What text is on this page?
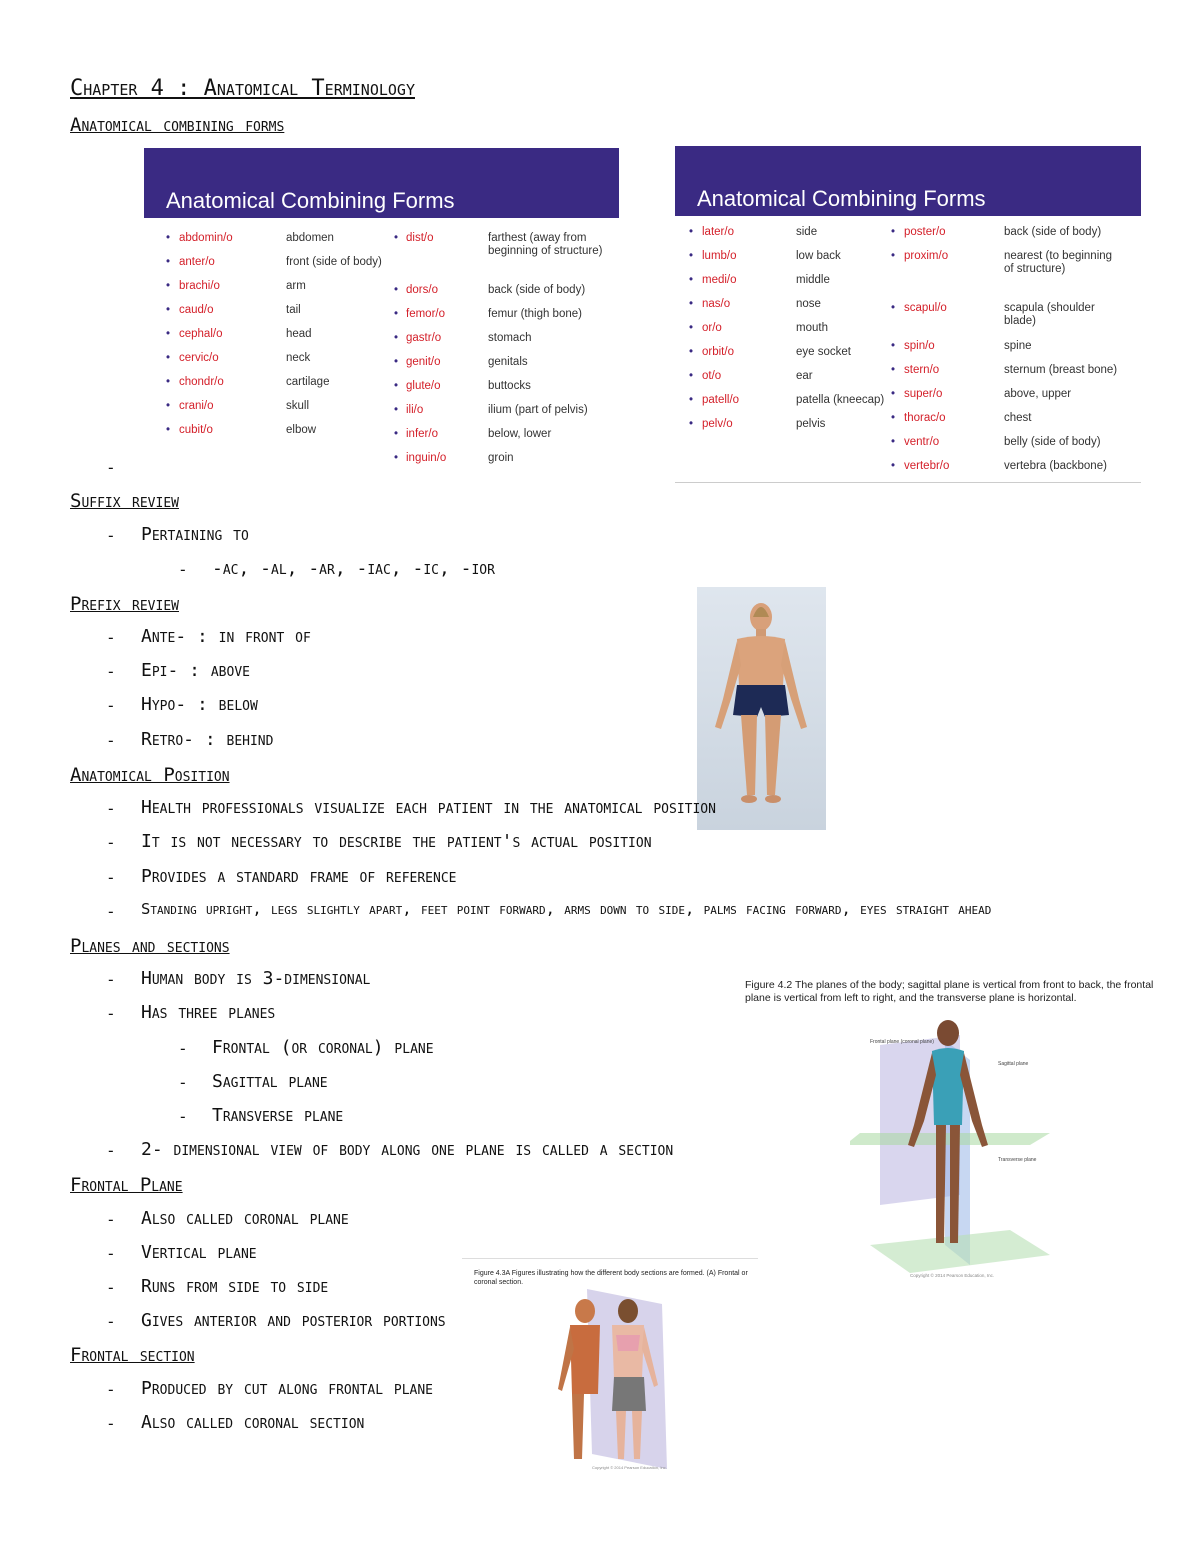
Chapter 4 : Anatomical Terminology
Anatomical combining forms
Anatomical Combining Forms
• abdomin/o	abdomen
• anter/o	front (side of body)
• brachi/o	arm
• caud/o	tail
• cephal/o	head
• cervic/o	neck
• chondr/o	cartilage
• crani/o	skull
• cubit/o	elbow
• dist/o	farthest (away from beginning of structure)
• dors/o	back (side of body)
• femor/o	femur (thigh bone)
• gastr/o	stomach
• genit/o	genitals
• glute/o	buttocks
• ili/o	ilium (part of pelvis)
• infer/o	below, lower
• inguin/o	groin
Anatomical Combining Forms
• later/o	side
• lumb/o	low back
• medi/o	middle
• nas/o	nose
• or/o	mouth
• orbit/o	eye socket
• ot/o	ear
• patell/o	patella (kneecap)
• pelv/o	pelvis
• poster/o	back (side of body)
• proxim/o	nearest (to beginning of structure)
• scapul/o	scapula (shoulder blade)
• spin/o	spine
• stern/o	sternum (breast bone)
• super/o	above, upper
• thorac/o	chest
• ventr/o	belly (side of body)
• vertebr/o	vertebra (backbone)
-
Suffix review
- Pertaining to
- -ac, -al, -ar, -iac, -ic, -ior
Prefix review
- Ante- : in front of
- Epi- : above
- Hypo- : below
- Retro- : behind
Anatomical Position
- Health professionals visualize each patient in the anatomical position
- It is not necessary to describe the patient's actual position
- Provides a standard frame of reference
- Standing upright, legs slightly apart, feet point forward, arms down to side, palms facing forward, eyes straight ahead
Planes and sections
- Human body is 3-dimensional
- Has three planes
- Frontal (or coronal) plane
- Sagittal plane
- Transverse plane
- 2- dimensional view of body along one plane is called a section
Figure 4.2 The planes of the body; sagittal plane is vertical from front to back, the frontal plane is vertical from left to right, and the transverse plane is horizontal.
Frontal plane (coronal plane)
Sagittal plane
Transverse plane
Copyright © 2014 Pearson Education, Inc.
Frontal Plane
- Also called coronal plane
- Vertical plane
- Runs from side to side
- Gives anterior and posterior portions
Figure 4.3A Figures illustrating how the different body sections are formed. (A) Frontal or coronal section.
Copyright © 2014 Pearson Education, Inc.
Frontal section
- Produced by cut along frontal plane
- Also called coronal section
